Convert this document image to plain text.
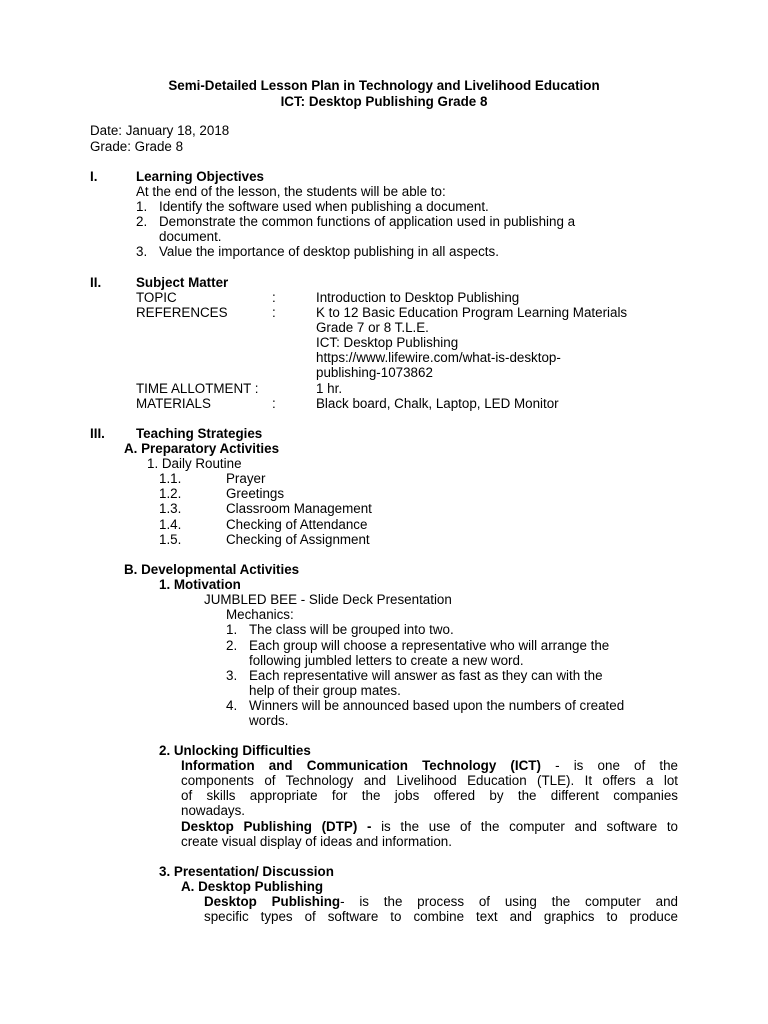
Semi-Detailed Lesson Plan in Technology and Livelihood Education
ICT: Desktop Publishing Grade 8
Date: January 18, 2018
Grade: Grade 8
I.	Learning Objectives
At the end of the lesson, the students will be able to:
1. Identify the software used when publishing a document.
2. Demonstrate the common functions of application used in publishing a
document.
3. Value the importance of desktop publishing in all aspects.
II.	Subject Matter
TOPIC	:	Introduction to Desktop Publishing
REFERENCES	:	K to 12 Basic Education Program Learning Materials
Grade 7 or 8 T.L.E.
ICT: Desktop Publishing
https://www.lifewire.com/what-is-desktop-
publishing-1073862
TIME ALLOTMENT :	1 hr.
MATERIALS	:	Black board, Chalk, Laptop, LED Monitor
III. Teaching Strategies
A. Preparatory Activities
1. Daily Routine
1.1.	Prayer
1.2.	Greetings
1.3.	Classroom Management
1.4.	Checking of Attendance
1.5.	Checking of Assignment
B. Developmental Activities
1. Motivation
JUMBLED BEE - Slide Deck Presentation
Mechanics:
1. The class will be grouped into two.
2. Each group will choose a representative who will arrange the
following jumbled letters to create a new word.
3. Each representative will answer as fast as they can with the
help of their group mates.
4. Winners will be announced based upon the numbers of created
words.
2. Unlocking Difficulties
Information and Communication Technology (ICT) - is one of the
components of Technology and Livelihood Education (TLE). It offers a lot
of skills appropriate for the jobs offered by the different companies
nowadays.
Desktop Publishing (DTP) - is the use of the computer and software to
create visual display of ideas and information.
3. Presentation/ Discussion
A. Desktop Publishing
Desktop Publishing- is the process of using the computer and
specific types of software to combine text and graphics to produce
